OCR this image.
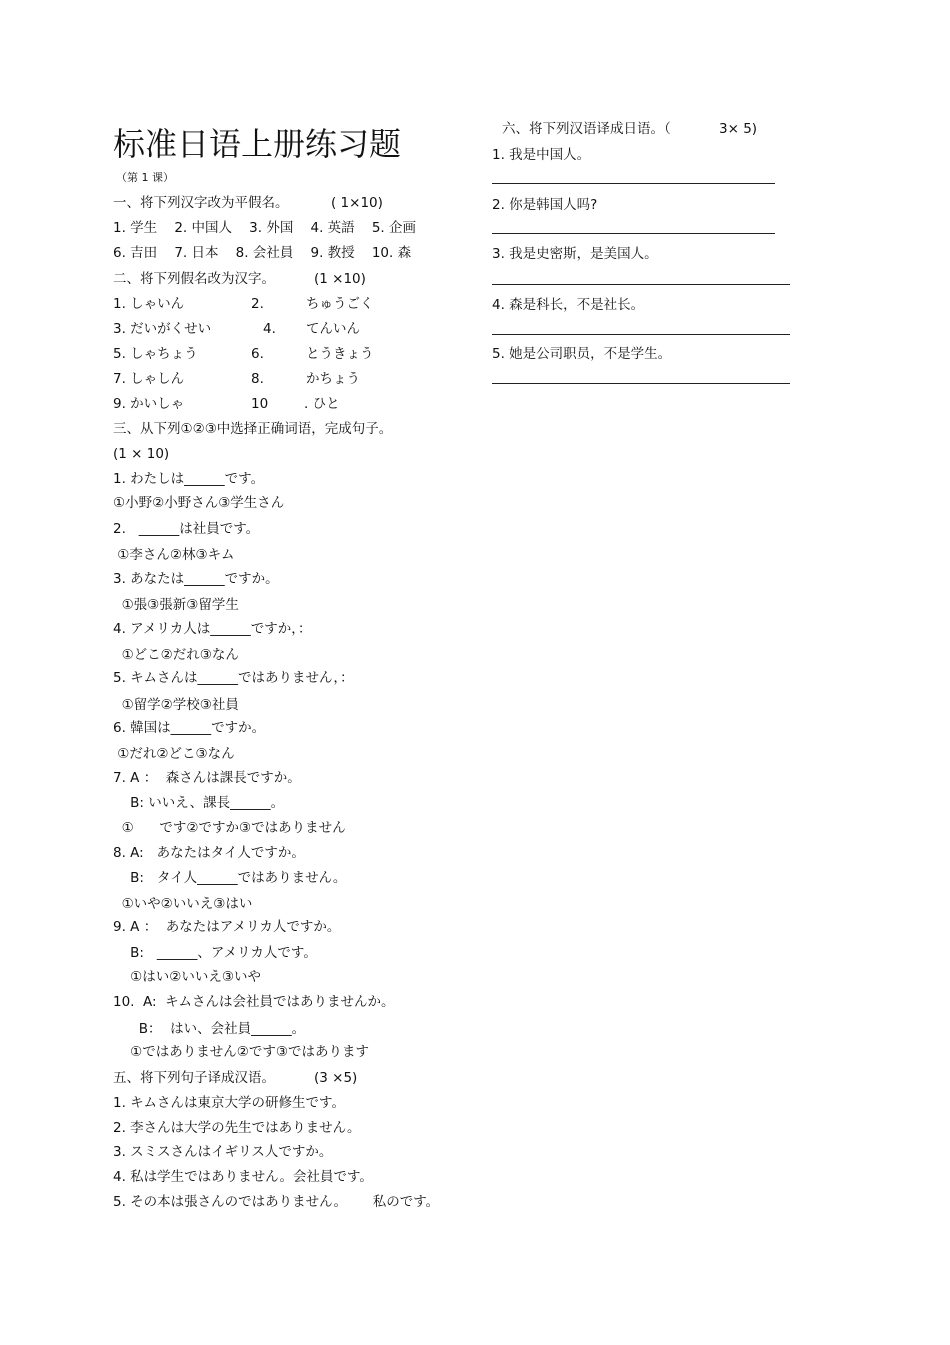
标准日语上册练习题
（第 1 课）
一、将下列汉字改为平假名。	( 1×10)
1. 学生    2. 中国人    3. 外国    4. 英語    5. 企画
6. 吉田    7. 日本    8. 会社員    9. 教授    10. 森
二、将下列假名改为汉字。	(1 ×10)
1. しゃいん	2.	ちゅうごく
3. だいがくせい	4. てんいん
5. しゃちょう	6.	とうきょう
7. しゃしん	8.	かちょう
9. かいしゃ	10	. ひと
三、从下列①②③中选择正确词语，完成句子。
(1 × 10)
1. わたしは______です。
①小野②小野さん③学生さん
2.   ______は社員です。
①李さん②林③キム
3. あなたは______ですか。
①張③張新③留学生
4. アメリカ人は______ですか，：
①どこ②だれ③なん
5. キムさんは______ではありません，：
①留学②学校③社員
6. 韓国は______ですか。
①だれ②どこ③なん
7. A ：  森さんは課長ですか。
B: いいえ、課長______。
①      です②ですか③ではありません
8. A:   あなたはタイ人ですか。
B:   タイ人______ではありません。
①いや②いいえ③はい
9. A ：  あなたはアメリカ人ですか。
B:   ______、アメリカ人です。
①はい②いいえ③いや
10.  A:  キムさんは会社員ではありませんか。
B：  はい、会社員______。
①ではありません②です③ではあります
五、将下列句子译成汉语。	(3 ×5)
1. キムさんは東京大学の研修生です。
2. 李さんは大学の先生ではありません。
3. スミスさんはイギリス人ですか。
4. 私は学生ではありません。会社員です。
5. その本は張さんのではありません。      私のです。
六、将下列汉语译成日语。（	3× 5)
1. 我是中国人。
2. 你是韩国人吗?
3. 我是史密斯，是美国人。
4. 森是科长，不是社长。
5. 她是公司职员，不是学生。
